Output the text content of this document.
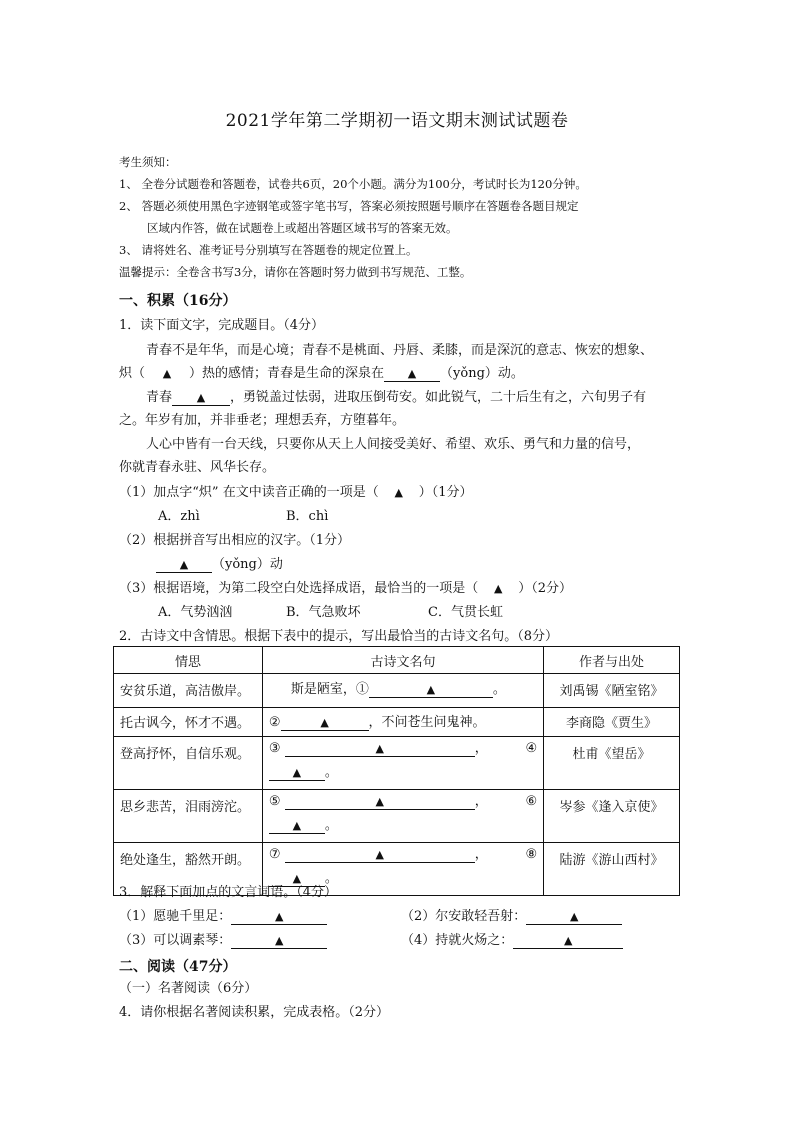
2021学年第二学期初一语文期末测试试题卷
考生须知：
1、 全卷分试题卷和答题卷，试卷共6页，20个小题。满分为100分，考试时长为120分钟。
2、 答题必须使用黑色字迹钢笔或签字笔书写，答案必须按照题号顺序在答题卷各题目规定
区域内作答，做在试题卷上或超出答题区域书写的答案无效。
3、 请将姓名、准考证号分别填写在答题卷的规定位置上。
温馨提示：全卷含书写3分，请你在答题时努力做到书写规范、工整。
一、积累（16分）
1．读下面文字，完成题目。（4分）
青春不是年华，而是心境；青春不是桃面、丹唇、柔膝，而是深沉的意志、恢宏的想象、
炽（ ▲ ）热的感情；青春是生命的深泉在 ▲ （yǒng）动。
青春 ▲ ，勇锐盖过怯弱，进取压倒苟安。如此锐气，二十后生有之，六旬男子有
之。年岁有加，并非垂老；理想丢弃，方堕暮年。
人心中皆有一台天线，只要你从天上人间接受美好、希望、欢乐、勇气和力量的信号，
你就青春永驻、风华长存。
（1）加点字“炽” 在文中读音正确的一项是（ ▲ ）（1分）
A．zhì	B．chì
（2）根据拼音写出相应的汉字。（1分）
▲ （yǒng）动
（3）根据语境，为第二段空白处选择成语，最恰当的一项是（ ▲ ）（2分）
A．气势汹汹	B．气急败坏	C．气贯长虹
2．古诗文中含情思。根据下表中的提示，写出最恰当的古诗文名句。（8分）
情思	古诗文名句	作者与出处
安贫乐道，高洁傲岸。	斯是陋室，① ▲ 。	刘禹锡《陋室铭》
托古讽今，怀才不遇。	② ▲ ，不问苍生问鬼神。	李商隐《贾生》
登高抒怀，自信乐观。	③ ▲ ， ④
▲ 。	杜甫《望岳》
思乡悲苦，泪雨滂沱。	⑤ ▲ ， ⑥
▲ 。	岑参《逢入京使》
绝处逢生，豁然开朗。	⑦ ▲ ， ⑧
▲ 。	陆游《游山西村》
3．解释下面加点的文言词语。（4分）
（1）愿驰千里足：	▲	（2）尔安敢轻吾射：	▲
（3）可以调素琴：	▲	（4）持就火炀之：	▲
二、阅读（47分）
（一）名著阅读（6分）
4．请你根据名著阅读积累，完成表格。（2分）
